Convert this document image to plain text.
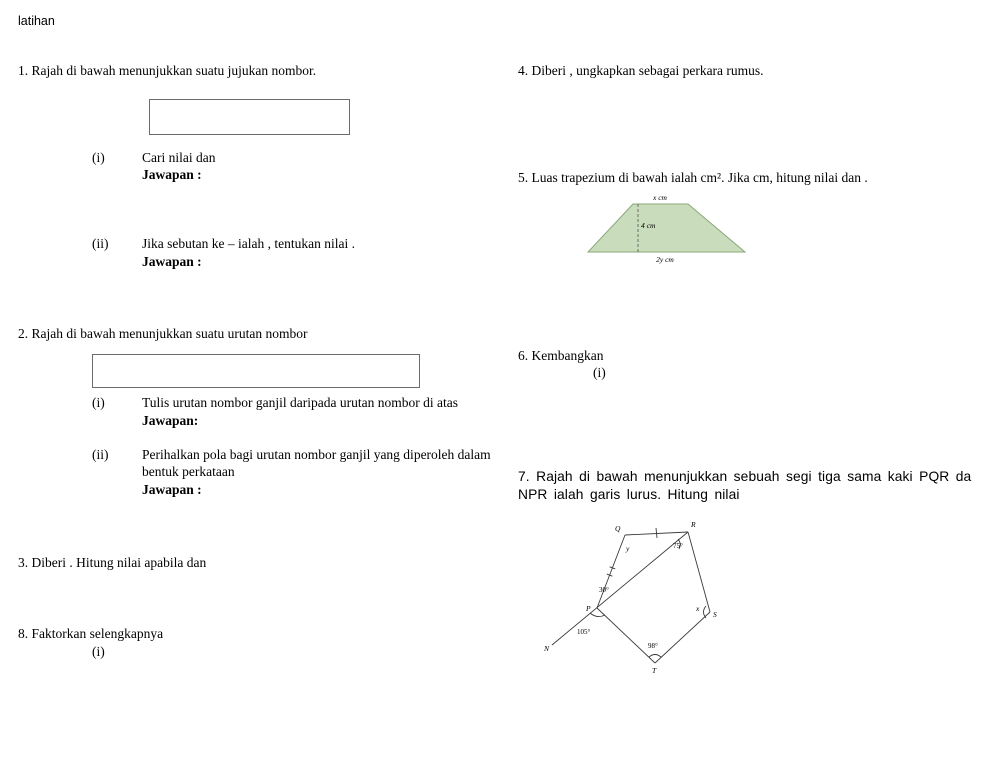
latihan
1. Rajah di bawah menunjukkan suatu jujukan nombor.
(i)	Cari nilai dan
Jawapan :
(ii) Jika sebutan ke – ialah , tentukan nilai .
Jawapan :
2. Rajah di bawah menunjukkan suatu urutan nombor
(i)	Tulis urutan nombor ganjil daripada urutan nombor di atas
Jawapan:
(ii) Perihalkan pola bagi urutan nombor ganjil yang diperoleh dalam bentuk perkataan
Jawapan :
3. Diberi . Hitung nilai apabila dan
8. Faktorkan selengkapnya
(i)
4. Diberi , ungkapkan sebagai perkara rumus.
5. Luas trapezium di bawah ialah cm². Jika cm, hitung nilai dan .
x cm
4 cm
2y cm
6. Kembangkan
(i)
7. Rajah di bawah menunjukkan sebuah segi tiga sama kaki PQR da
NPR ialah garis lurus. Hitung nilai
Q	R
P
N
S
T
y	75°
30°
105°
x
98°
